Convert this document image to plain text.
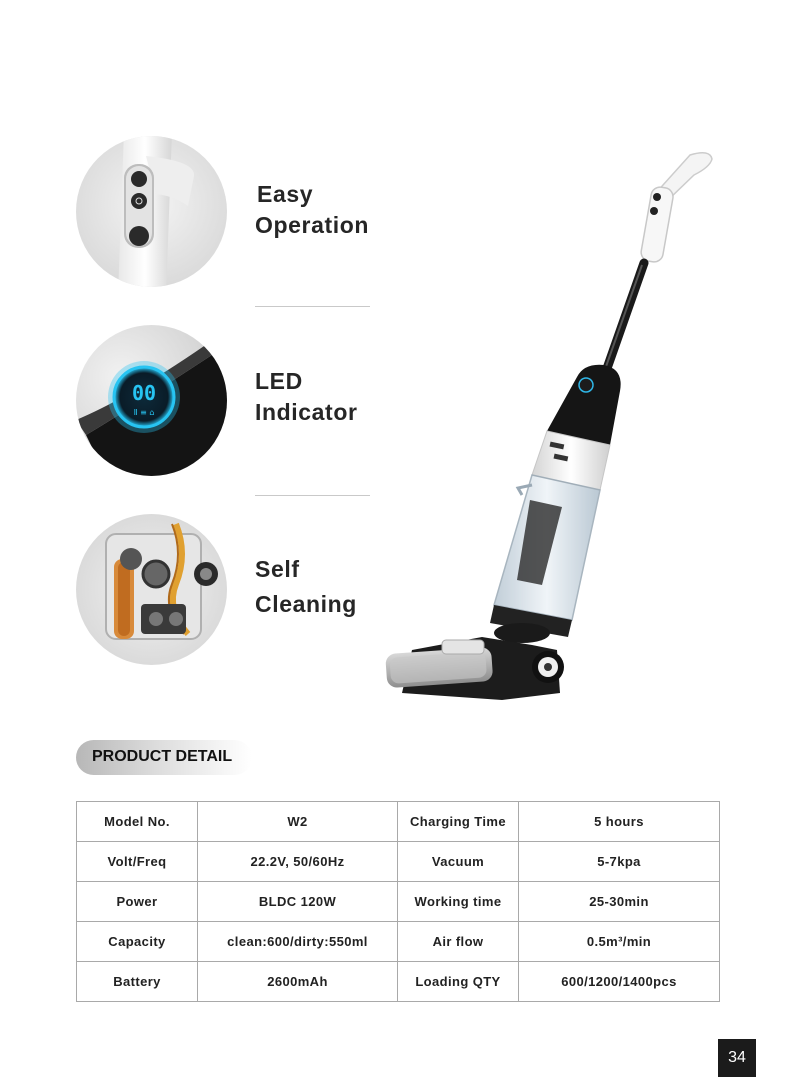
Easy
Operation
00
Ⅱ ≡ ⌂
LED
Indicator
Self
Cleaning
PRODUCT DETAIL
Model No.	W2	Charging Time	5 hours
Volt/Freq	22.2V, 50/60Hz	Vacuum	5-7kpa
Power	BLDC 120W	Working time	25-30min
Capacity	clean:600/dirty:550ml	Air flow	0.5m³/min
Battery	2600mAh	Loading QTY	600/1200/1400pcs
34
